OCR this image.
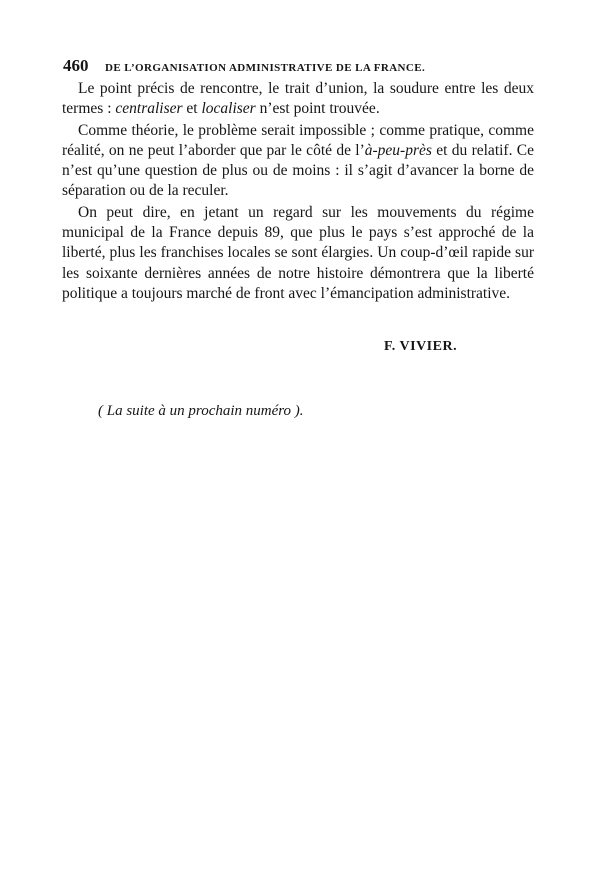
460 DE L’ORGANISATION ADMINISTRATIVE DE LA FRANCE.

Le point précis de rencontre, le trait d’union, la soudure entre les deux termes : centraliser et localiser n’est point trouvée.

Comme théorie, le problème serait impossible ; comme pratique, comme réalité, on ne peut l’aborder que par le côté de l’à-peu-près et du relatif. Ce n’est qu’une question de plus ou de moins : il s’agit d’avancer la borne de séparation ou de la reculer.

On peut dire, en jetant un regard sur les mouvements du régime municipal de la France depuis 89, que plus le pays s’est approché de la liberté, plus les franchises locales se sont élargies. Un coup-d’œil rapide sur les soixante dernières années de notre histoire démontrera que la liberté politique a toujours marché de front avec l’émancipation administrative.

F. VIVIER.
( La suite à un prochain numéro ).
